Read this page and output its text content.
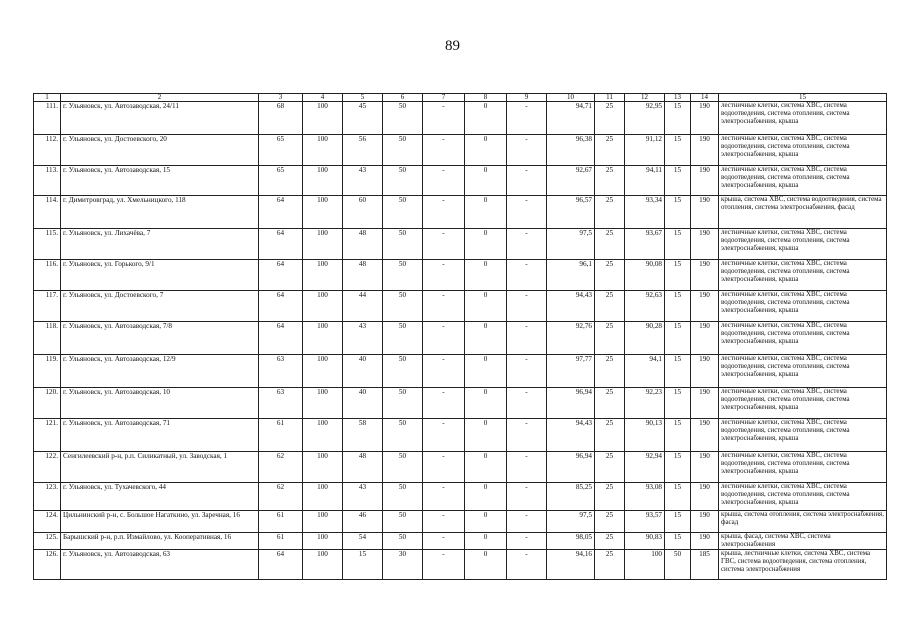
89
1	2	3	4	5	6	7	8	9	10	11	12	13	14	15
111.	г. Ульяновск, ул. Автозаводская, 24/11	68	100	45	50	-	0	-	94,71	25	92,95	15	190	лестничные клетки, система ХВС, система водоотведения, система отопления, система электроснабжения, крыша
112.	г. Ульяновск, ул. Достоевского, 20	65	100	56	50	-	0	-	96,38	25	91,12	15	190	лестничные клетки, система ХВС, система водоотведения, система отопления, система электроснабжения, крыша
113.	г. Ульяновск, ул. Автозаводская, 15	65	100	43	50	-	0	-	92,67	25	94,11	15	190	лестничные клетки, система ХВС, система водоотведения, система отопления, система электроснабжения, крыша
114.	г. Димитровград, ул. Хмельницкого, 118	64	100	60	50	-	0	-	96,57	25	93,34	15	190	крыша, система ХВС, система водоотведения, система отопления, система электроснабжения, фасад
115.	г. Ульяновск, ул. Лихачёва, 7	64	100	48	50	-	0	-	97,5	25	93,67	15	190	лестничные клетки, система ХВС, система водоотведения, система отопления, система электроснабжения, крыша
116.	г. Ульяновск, ул. Горького, 9/1	64	100	48	50	-	0	-	96,1	25	90,08	15	190	лестничные клетки, система ХВС, система водоотведения, система отопления, система электроснабжения, крыша
117.	г. Ульяновск, ул. Достоевского, 7	64	100	44	50	-	0	-	94,43	25	92,63	15	190	лестничные клетки, система ХВС, система водоотведения, система отопления, система электроснабжения, крыша
118.	г. Ульяновск, ул. Автозаводская, 7/8	64	100	43	50	-	0	-	92,76	25	90,28	15	190	лестничные клетки, система ХВС, система водоотведения, система отопления, система электроснабжения, крыша
119.	г. Ульяновск, ул. Автозаводская, 12/9	63	100	40	50	-	0	-	97,77	25	94,1	15	190	лестничные клетки, система ХВС, система водоотведения, система отопления, система электроснабжения, крыша
120.	г. Ульяновск, ул. Автозаводская, 10	63	100	40	50	-	0	-	96,94	25	92,23	15	190	лестничные клетки, система ХВС, система водоотведения, система отопления, система электроснабжения, крыша
121.	г. Ульяновск, ул. Автозаводская, 71	61	100	58	50	-	0	-	94,43	25	90,13	15	190	лестничные клетки, система ХВС, система водоотведения, система отопления, система электроснабжения, крыша
122.	Сенгилеевский р-н, р.п. Силикатный, ул. Заводская, 1	62	100	48	50	-	0	-	96,94	25	92,94	15	190	лестничные клетки, система ХВС, система водоотведения, система отопления, система электроснабжения, крыша
123.	г. Ульяновск, ул. Тухачевского, 44	62	100	43	50	-	0	-	85,25	25	93,08	15	190	лестничные клетки, система ХВС, система водоотведения, система отопления, система электроснабжения, крыша
124.	Цильнинский р-н, с. Большое Нагаткино, ул. Заречная, 16	61	100	46	50	-	0	-	97,5	25	93,57	15	190	крыша, система отопления, система электроснабжения, фасад
125.	Барышский р-н, р.п. Измайлово, ул. Кооперативная, 16	61	100	54	50	-	0	-	98,05	25	90,83	15	190	крыша, фасад, система ХВС, система электроснабжения
126.	г. Ульяновск, ул. Автозаводская, 63	64	100	15	30	-	0	-	94,16	25	100	50	185	крыша, лестничные клетки, система ХВС, система ГВС, система водоотведения, система отопления, система электроснабжения
